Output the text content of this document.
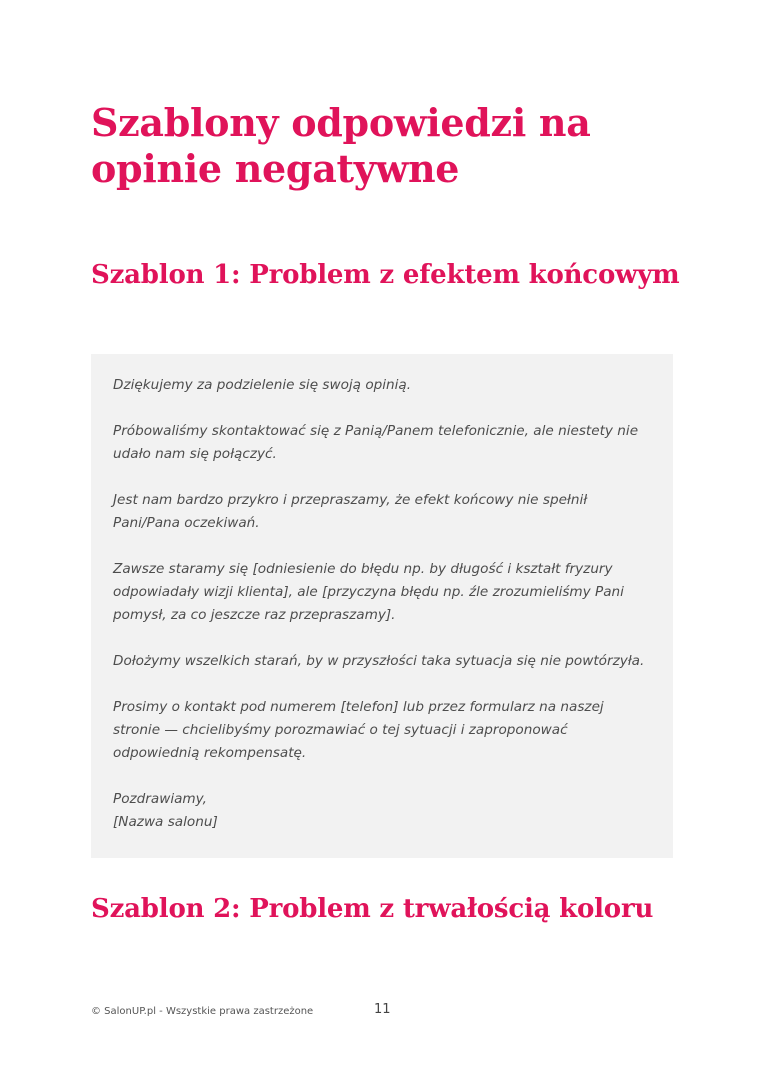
Szablony odpowiedzi na opinie negatywne
Szablon 1: Problem z efektem końcowym

Dziękujemy za podzielenie się swoją opinią.

Próbowaliśmy skontaktować się z Panią/Panem telefonicznie, ale niestety nie udało nam się połączyć.

Jest nam bardzo przykro i przepraszamy, że efekt końcowy nie spełnił Pani/Pana oczekiwań.

Zawsze staramy się [odniesienie do błędu np. by długość i kształt fryzury odpowiadały wizji klienta], ale [przyczyna błędu np. źle zrozumieliśmy Pani pomysł, za co jeszcze raz przepraszamy].

Dołożymy wszelkich starań, by w przyszłości taka sytuacja się nie powtórzyła.

Prosimy o kontakt pod numerem [telefon] lub przez formularz na naszej stronie — chcielibyśmy porozmawiać o tej sytuacji i zaproponować odpowiednią rekompensatę.

Pozdrawiamy,
[Nazwa salonu]

Szablon 2: Problem z trwałością koloru
© SalonUP.pl - Wszystkie prawa zastrzeżone	11
